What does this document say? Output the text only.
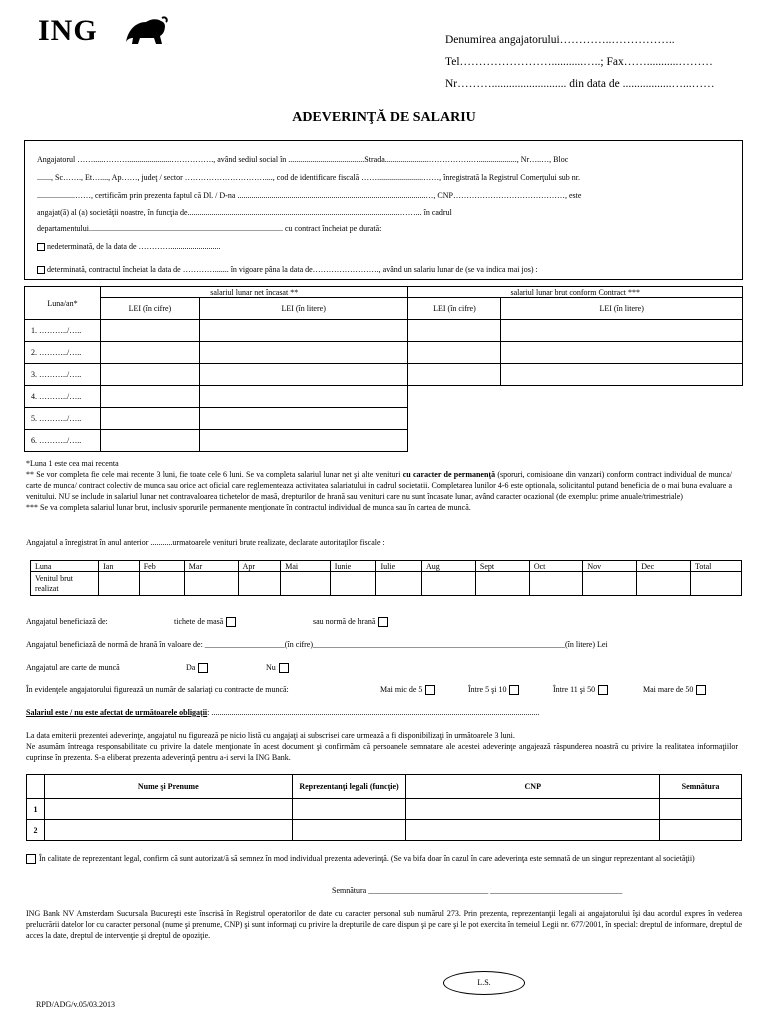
ING	Denumirea angajatorului…………..……………..
Tel……………………...........…..; Fax……...........………
Nr……….......................... din data de .................…...……
ADEVERINŢĂ DE SALARIU
Angajatorul …….....………......................……………., având sediul social în ......................................Strada......................…………….…..................., Nr…..…, Bloc
......., Sc……., Et…...., Ap……, judeţ / sector …………………………...., cod de identificare fiscală …….......................……, înregistrată la Registrul Comerţului sub nr.
...................……, certificăm prin prezenta faptul că Dl. / D-na ..............................................................................................…, CNP……………………………………, este
angajat(ă) al (a) societăţii noastre, în funcţia de..........................................................................................................……... în cadrul
departamentului................................................................................................. cu contract încheiat pe durată:
nedeterminată, de la data de ………….........................
determinată, contractul încheiat la data de …………....... în vigoare pâna la data de……………………., având un salariu lunar de (se va indica mai jos) :
Luna/an*	salariul lunar net încasat **		salariul lunar brut conform Contract ***	
	LEI (în cifre)	LEI (în litere)	LEI (în cifre)	LEI (în litere)
1. ………../…..				
2. ………../…..				
3. ………../…..				
4. ………../…..				
5. ………../…..				
6. ………../…..				
*Luna 1 este cea mai recenta
** Se vor completa fie cele mai recente 3 luni, fie toate cele 6 luni. Se va completa salariul lunar net şi alte venituri cu caracter de permanenţă (sporuri, comisioane din vanzari) conform contract individual de munca/ carte de munca/ contract colectiv de munca sau orice act oficial care reglementeaza activitatea salariatului in cadrul societatii. Completarea lunilor 4-6 este optionala, solicitantul putand beneficia de o mai buna evaluare a venitului. NU se include in salariul lunar net contravaloarea tichetelor de masă, drepturilor de hrană sau venituri care nu sunt încasate lunar, având caracter ocazional (de exemplu: prime anuale/trimestriale)
*** Se va completa salariul lunar brut, inclusiv sporurile permanente menţionate în contractul individual de munca sau în cartea de muncă.
Angajatul a înregistrat în anul anterior ...........urmatoarele venituri brute realizate, declarate autoritaţilor fiscale :
Luna	Ian	Feb	Mar	Apr	Mai	Iunie	Iulie	Aug	Sept	Oct	Nov	Dec	Total
Venitul brut realizat													
Angajatul beneficiază de:	tichete de masă	sau normă de hrană
Angajatul beneficiază de normă de hrană în valoare de: ____________________(în cifre)_______________________________________________________________(în litere) Lei
Angajatul are carte de muncă	Da	Nu
În evidenţele angajatorului figurează un număr de salariaţi cu contracte de muncă:	Mai mic de 5	Între 5 şi 10	Între 11 şi 50	Mai mare de 50
Salariul este / nu este afectat de următoarele obligaţii: ....................................................................................................................................................................
La data emiterii prezentei adeverinţe, angajatul nu figurează pe nicio listă cu angajaţi ai subscrisei care urmează a fi disponibilizaţi în următoarele 3 luni.
Ne asumăm întreaga responsabilitate cu privire la datele menţionate în acest document şi confirmăm că persoanele semnatare ale acestei adeverinţe angajează răspunderea noastră cu privire la realitatea informaţiilor cuprinse în prezenta. S-a eliberat prezenta adeverinţă pentru a-i servi la ING Bank.
	Nume şi Prenume	Reprezentanţi legali (funcţie)	CNP	Semnătura
1				
2				
În calitate de reprezentant legal, confirm că sunt autorizat/ă să semnez în mod individual prezenta adeverinţă. (Se va bifa doar în cazul în care adeverinţa este semnată de un singur reprezentant al societăţii)
Semnătura ______________________________ _________________________________
ING Bank NV Amsterdam Sucursala Bucureşti este înscrisă în Registrul operatorilor de date cu caracter personal sub numărul 273. Prin prezenta, reprezentanţii legali ai angajatorului îşi dau acordul expres în vederea prelucrării datelor lor cu caracter personal (nume şi prenume, CNP) şi sunt informaţi cu privire la drepturile de care dispun şi pe care şi le pot exercita în temeiul Legii nr. 677/2001, în special: dreptul de informare, dreptul de acces la date, dreptul de intervenţie şi dreptul de opoziţie.
L.S.
RPD/ADG/v.05/03.2013
